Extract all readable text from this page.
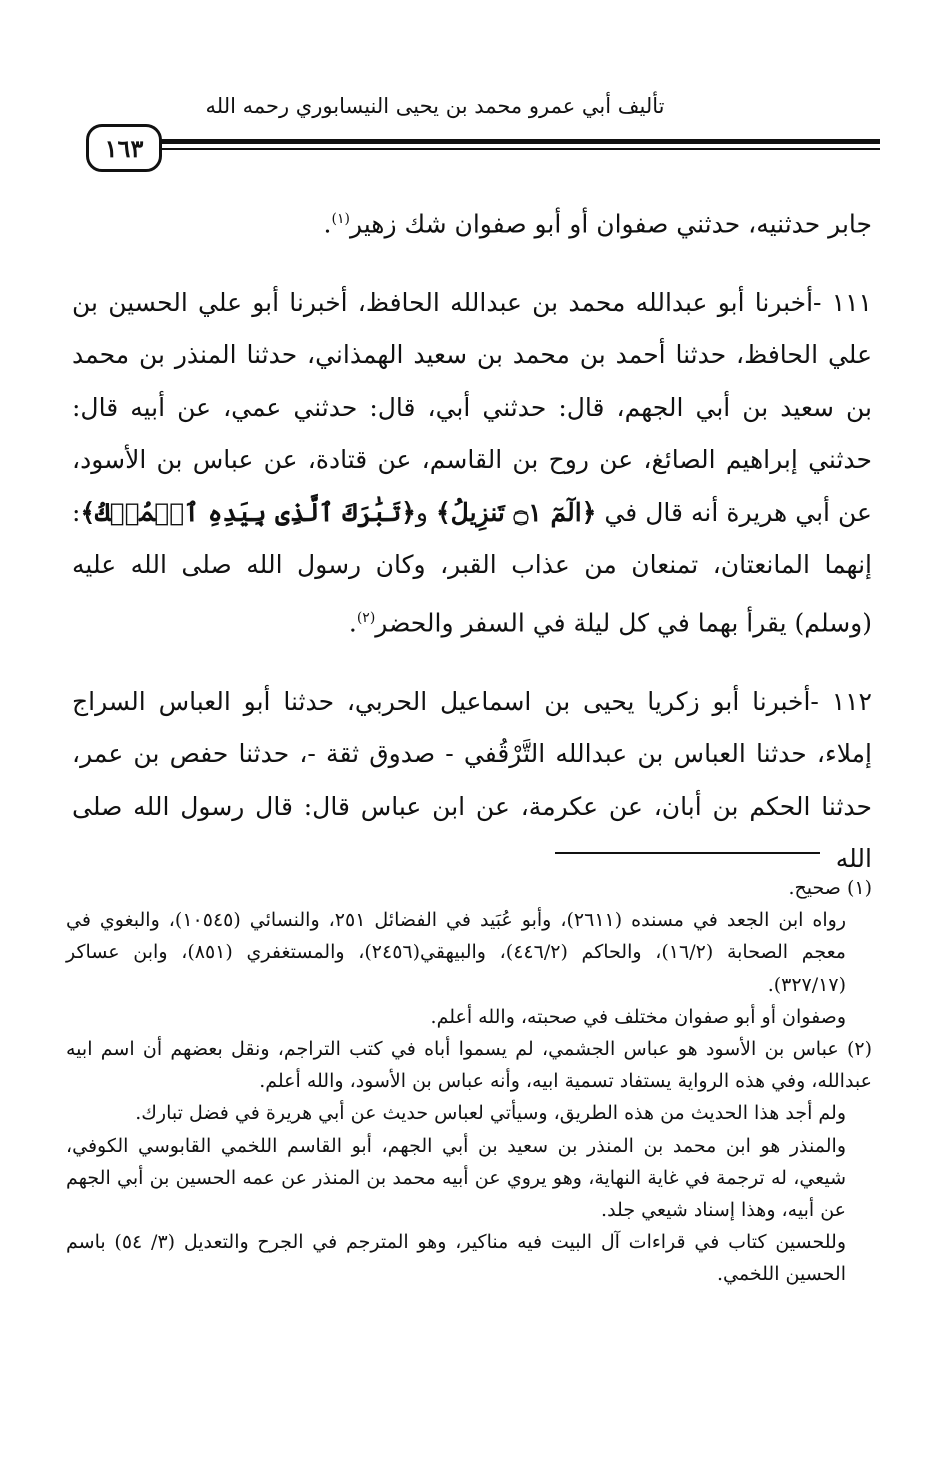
تأليف أبي عمرو محمد بن يحيى النيسابوري رحمه الله
١٦٣

جابر حدثنيه، حدثني صفوان أو أبو صفوان شك زهير$^{(١)}$.

١١١ -أخبرنا أبو عبدالله محمد بن عبدالله الحافظ، أخبرنا أبو علي الحسين بن علي الحافظ، حدثنا أحمد بن محمد بن سعيد الهمذاني، حدثنا المنذر بن محمد بن سعيد بن أبي الجهم، قال: حدثني أبي، قال: حدثني عمي، عن أبيه قال: حدثني إبراهيم الصائغ، عن روح بن القاسم، عن قتادة، عن عباس بن الأسود، عن أبي هريرة أنه قال في ﴿الٓمٓ ۝١ تَنزِيلُ﴾ و﴿تَبَٰرَكَ ٱلَّذِى بِيَدِهِ ٱلۡمُلۡكُ﴾: إنهما المانعتان، تمنعان من عذاب القبر، وكان رسول الله صلى الله عليه (وسلم) يقرأ بهما في كل ليلة في السفر والحضر$^{(٢)}$.

١١٢ -أخبرنا أبو زكريا يحيى بن اسماعيل الحربي، حدثنا أبو العباس السراج إملاء، حدثنا العباس بن عبدالله التَّرْقُفي - صدوق ثقة -، حدثنا حفص بن عمر، حدثنا الحكم بن أبان، عن عكرمة، عن ابن عباس قال: قال رسول الله صلى الله

(١) صحيح.

رواه ابن الجعد في مسنده (٢٦١١)، وأبو عُبَيد في الفضائل ٢٥١، والنسائي (١٠٥٤٥)، والبغوي في معجم الصحابة (١٦/٢)، والحاكم (٤٤٦/٢)، والبيهقي(٢٤٥٦)، والمستغفري (٨٥١)، وابن عساكر (٣٢٧/١٧).

وصفوان أو أبو صفوان مختلف في صحبته، والله أعلم.

(٢) عباس بن الأسود هو عباس الجشمي، لم يسموا أباه في كتب التراجم، ونقل بعضهم أن اسم ابيه عبدالله، وفي هذه الرواية يستفاد تسمية ابيه، وأنه عباس بن الأسود، والله أعلم.

ولم أجد هذا الحديث من هذه الطريق، وسيأتي لعباس حديث عن أبي هريرة في فضل تبارك.

والمنذر هو ابن محمد بن المنذر بن سعيد بن أبي الجهم، أبو القاسم اللخمي القابوسي الكوفي، شيعي، له ترجمة في غاية النهاية، وهو يروي عن أبيه محمد بن المنذر عن عمه الحسين بن أبي الجهم عن أبيه، وهذا إسناد شيعي جلد.

وللحسين كتاب في قراءات آل البيت فيه مناكير، وهو المترجم في الجرح والتعديل (٣/ ٥٤) باسم الحسين اللخمي.
